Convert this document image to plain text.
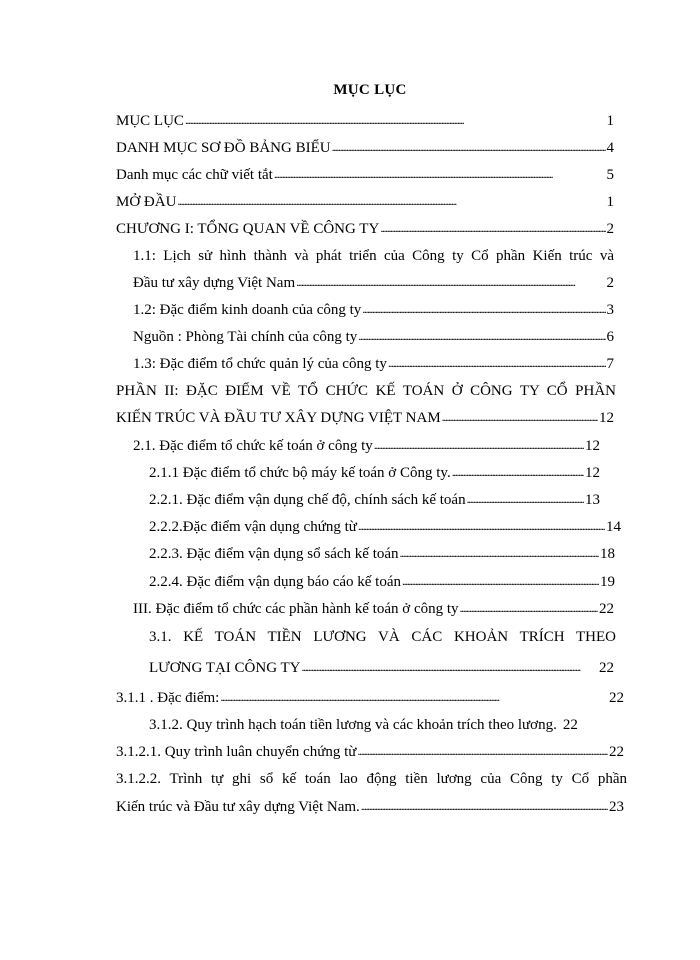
MỤC LỤC
MỤC LỤC . . .	1
DANH MỤC SƠ ĐỒ BẢNG BIỂU . . .	4
Danh mục các chữ viết tắt . . .	5
MỞ ĐẦU . . .	1
CHƯƠNG I: TỔNG QUAN VỀ CÔNG TY . . .	2
1.1: Lịch sử hình thành và phát triển của Công ty Cổ phần Kiến trúc và
Đầu tư xây dựng Việt Nam . . .	2
1.2: Đặc điểm kinh doanh của công ty . . .	3
Nguồn : Phòng Tài chính của công ty . . .	6
1.3: Đặc điểm tổ chức quản lý của công ty . . .	7
PHẦN II: ĐẶC ĐIỂM VỀ TỔ CHỨC KẾ TOÁN Ở CÔNG TY CỔ PHẦN
KIẾN TRÚC VÀ ĐẦU TƯ XÂY DỰNG VIỆT NAM . . .	12
2.1. Đặc điểm tổ chức kế toán ở công ty . . .	12
2.1.1 Đặc điểm tổ chức bộ máy kế toán ở Công ty. . . .	12
2.2.1. Đặc điểm vận dụng chế độ, chính sách kế toán . . .	13
2.2.2.Đặc điểm vận dụng chứng từ . . .	14
2.2.3. Đặc điểm vận dụng sổ sách kế toán . . .	18
2.2.4. Đặc điểm vận dụng báo cáo kế toán . . .	19
III. Đặc điểm tổ chức các phần hành kế toán ở công ty . . .	22
3.1. KẾ TOÁN TIỀN LƯƠNG VÀ CÁC KHOẢN TRÍCH THEO
LƯƠNG TẠI CÔNG TY . . .	22
3.1.1 . Đặc điểm: . . .	22
3.1.2. Quy trình hạch toán tiền lương và các khoản trích theo lương. 22
3.1.2.1. Quy trình luân chuyển chứng từ . . .	22
3.1.2.2. Trình tự ghi sổ kế toán lao động tiền lương của Công ty Cổ phần
Kiến trúc và Đầu tư xây dựng Việt Nam. . . .	23
